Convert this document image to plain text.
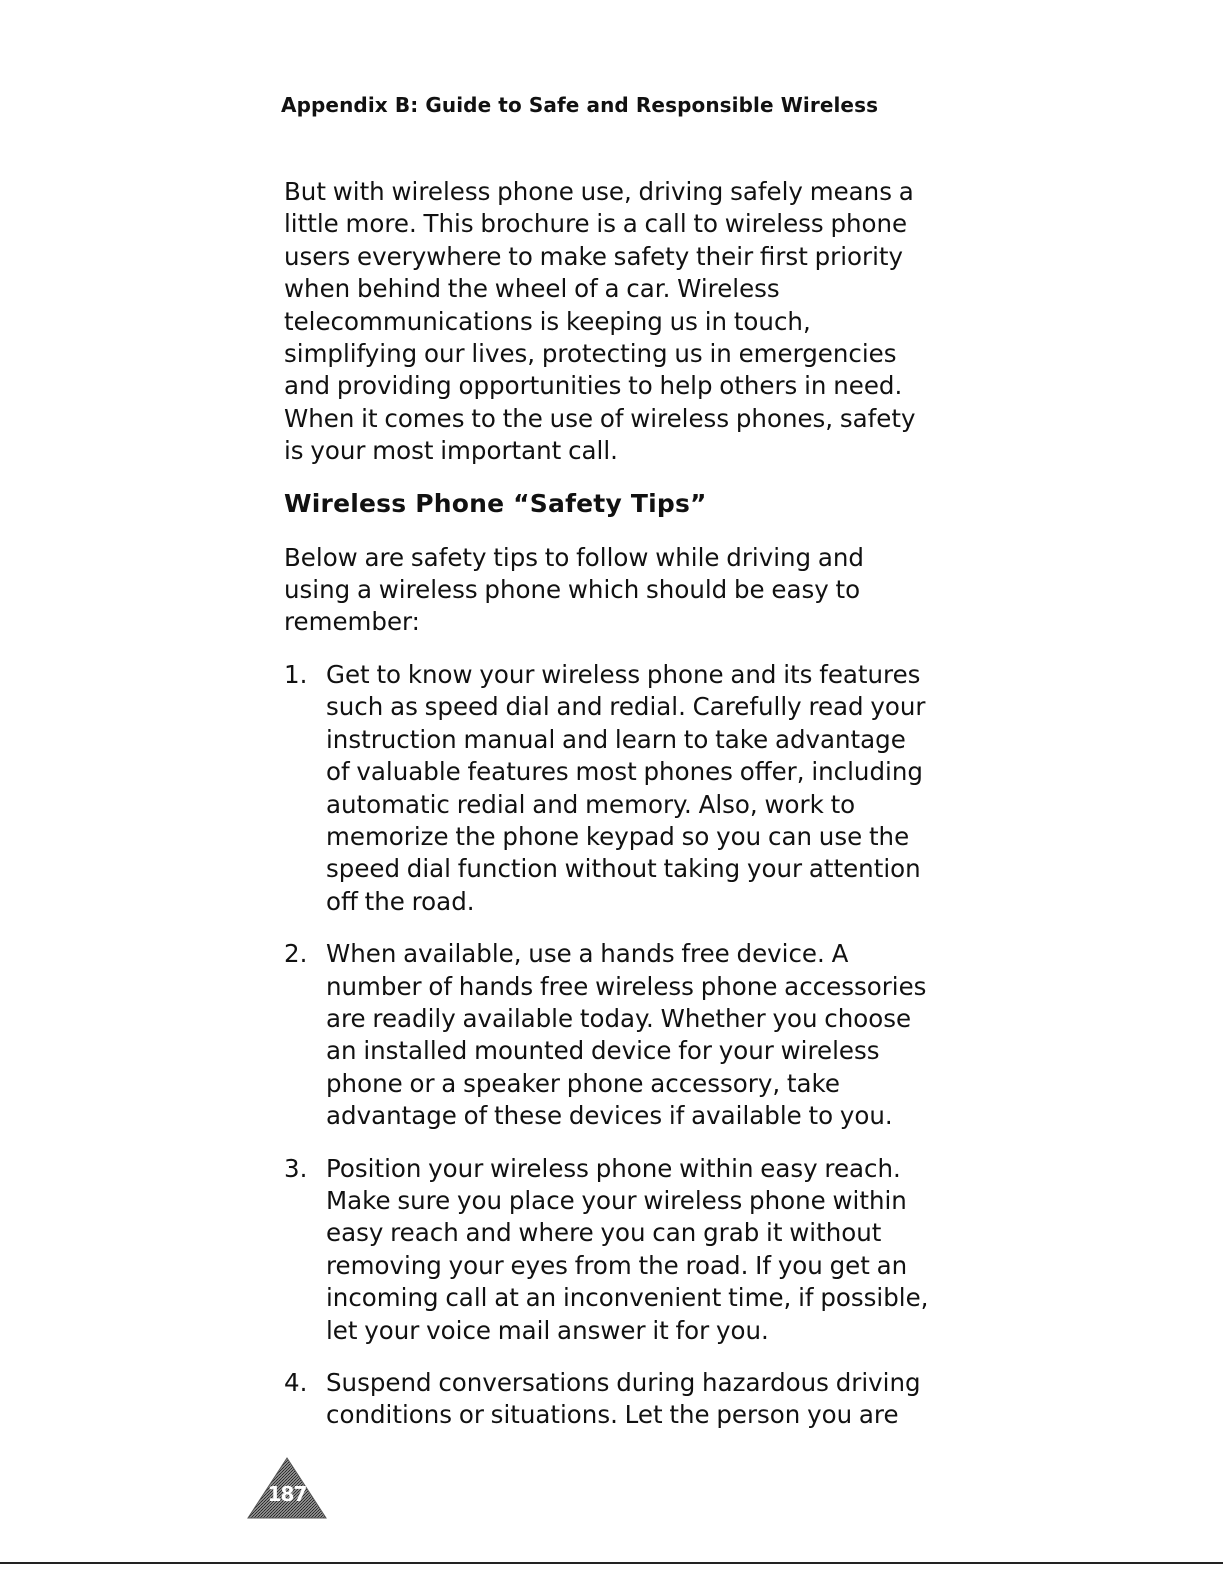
Appendix B: Guide to Safe and Responsible Wireless

But with wireless phone use, driving safely means a little more. This brochure is a call to wireless phone users everywhere to make safety their first priority when behind the wheel of a car. Wireless telecommunications is keeping us in touch, simplifying our lives, protecting us in emergencies and providing opportunities to help others in need. When it comes to the use of wireless phones, safety is your most important call.

Wireless Phone “Safety Tips”

Below are safety tips to follow while driving and using a wireless phone which should be easy to remember:

1. Get to know your wireless phone and its features such as speed dial and redial. Carefully read your instruction manual and learn to take advantage of valuable features most phones offer, including automatic redial and memory. Also, work to memorize the phone keypad so you can use the speed dial function without taking your attention off the road.

2. When available, use a hands free device. A number of hands free wireless phone accessories are readily available today. Whether you choose an installed mounted device for your wireless phone or a speaker phone accessory, take advantage of these devices if available to you.

3. Position your wireless phone within easy reach. Make sure you place your wireless phone within easy reach and where you can grab it without removing your eyes from the road. If you get an incoming call at an inconvenient time, if possible, let your voice mail answer it for you.

4. Suspend conversations during hazardous driving conditions or situations. Let the person you are

187
